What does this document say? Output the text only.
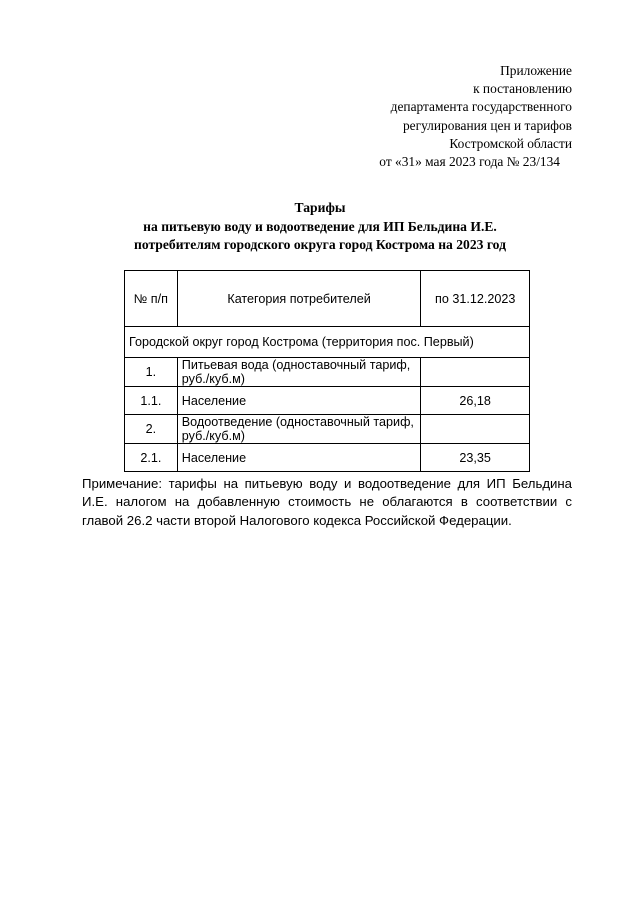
Приложение
к постановлению
департамента государственного
регулирования цен и тарифов
Костромской области
от «31» мая 2023 года № 23/134
Тарифы
на питьевую воду и водоотведение для ИП Бельдина И.Е.
потребителям городского округа город Кострома на 2023 год
№ п/п	Категория потребителей	по 31.12.2023
Городской округ город Кострома (территория пос. Первый)		
1.	Питьевая вода (одноставочный тариф, руб./куб.м)	
1.1.	Население	26,18
2.	Водоотведение (одноставочный тариф, руб./куб.м)	
2.1.	Население	23,35
Примечание: тарифы на питьевую воду и водоотведение для ИП Бельдина И.Е. налогом на добавленную стоимость не облагаются в соответствии с главой 26.2 части второй Налогового кодекса Российской Федерации.
